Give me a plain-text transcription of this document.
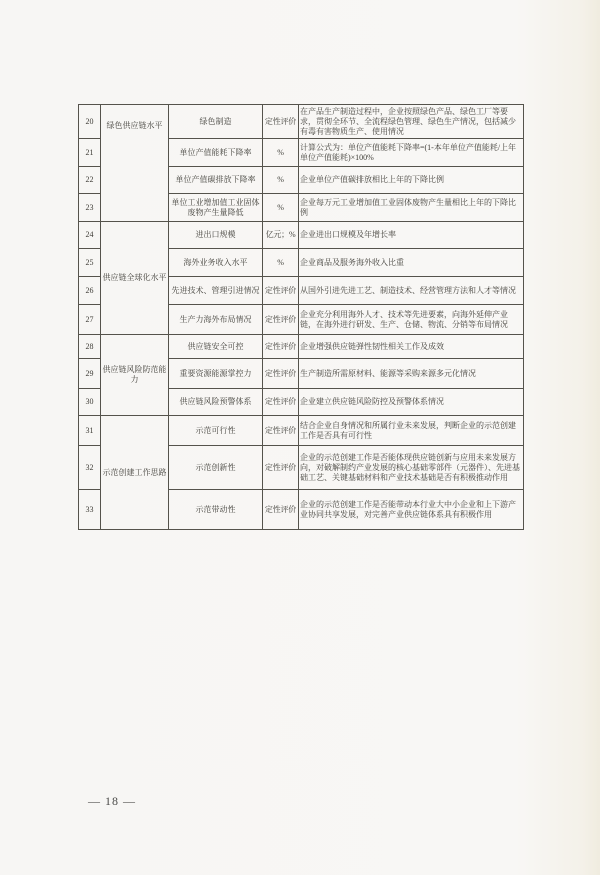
20	绿色供应链水平	绿色制造	定性评价	在产品生产制造过程中，企业按照绿色产品、绿色工厂等要求，贯彻全环节、全流程绿色管理、绿色生产情况，包括减少有毒有害物质生产、使用情况
21		单位产值能耗下降率	%	计算公式为：单位产值能耗下降率=(1-本年单位产值能耗/上年单位产值能耗)×100%
22		单位产值碳排放下降率	%	企业单位产值碳排放相比上年的下降比例
23		单位工业增加值工业固体废物产生量降低	%	企业每万元工业增加值工业固体废物产生量相比上年的下降比例
24	供应链全球化水平	进出口规模	亿元；%	企业进出口规模及年增长率
25		海外业务收入水平	%	企业商品及服务海外收入比重
26		先进技术、管理引进情况	定性评价	从国外引进先进工艺、制造技术、经营管理方法和人才等情况
27		生产力海外布局情况	定性评价	企业充分利用海外人才、技术等先进要素，向海外延伸产业链，在海外进行研发、生产、仓储、物流、分销等布局情况
28	供应链风险防范能力	供应链安全可控	定性评价	企业增强供应链弹性韧性相关工作及成效
29		重要资源能源掌控力	定性评价	生产制造所需原材料、能源等采购来源多元化情况
30		供应链风险预警体系	定性评价	企业建立供应链风险防控及预警体系情况
31	示范创建工作思路	示范可行性	定性评价	结合企业自身情况和所属行业未来发展，判断企业的示范创建工作是否具有可行性
32		示范创新性	定性评价	企业的示范创建工作是否能体现供应链创新与应用未来发展方向，对破解制约产业发展的核心基础零部件（元器件）、先进基础工艺、关键基础材料和产业技术基础是否有积极推动作用
33		示范带动性	定性评价	企业的示范创建工作是否能带动本行业大中小企业和上下游产业协同共享发展，对完善产业供应链体系具有积极作用
— 18 —
